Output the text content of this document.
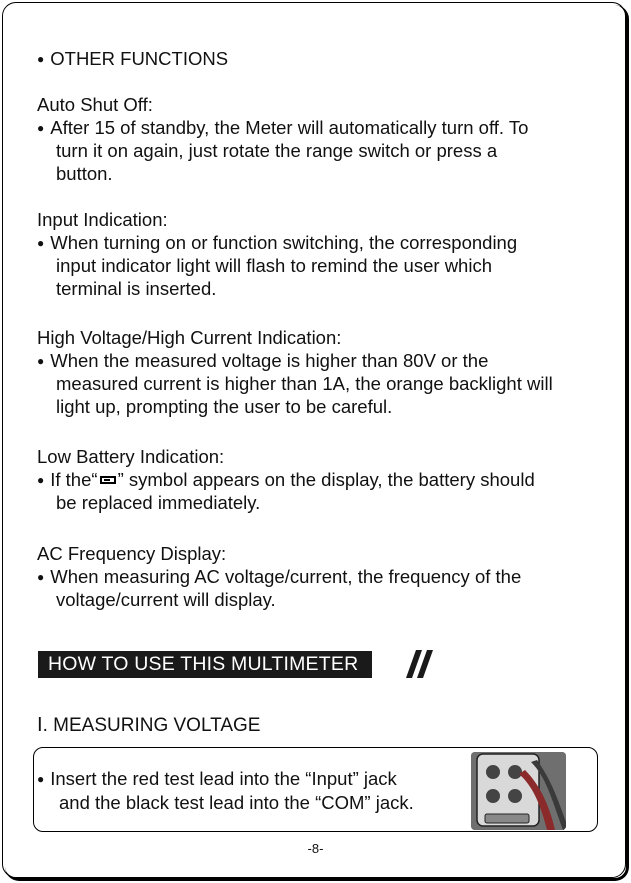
● OTHER FUNCTIONS
Auto Shut Off:
● After 15 of standby, the Meter will automatically turn off. To
turn it on again, just rotate the range switch or press a
button.
Input Indication:
● When turning on or function switching, the corresponding
input indicator light will flash to remind the user which
terminal is inserted.
High Voltage/High Current Indication:
● When the measured voltage is higher than 80V or the
measured current is higher than 1A, the orange backlight will
light up, prompting the user to be careful.
Low Battery Indication:
● If the“ ” symbol appears on the display, the battery should
be replaced immediately.
AC Frequency Display:
● When measuring AC voltage/current, the frequency of the
voltage/current will display.
HOW TO USE THIS MULTIMETER
Ⅰ. MEASURING VOLTAGE
● Insert the red test lead into the “Input” jack
and the black test lead into the “COM” jack.
-8-
